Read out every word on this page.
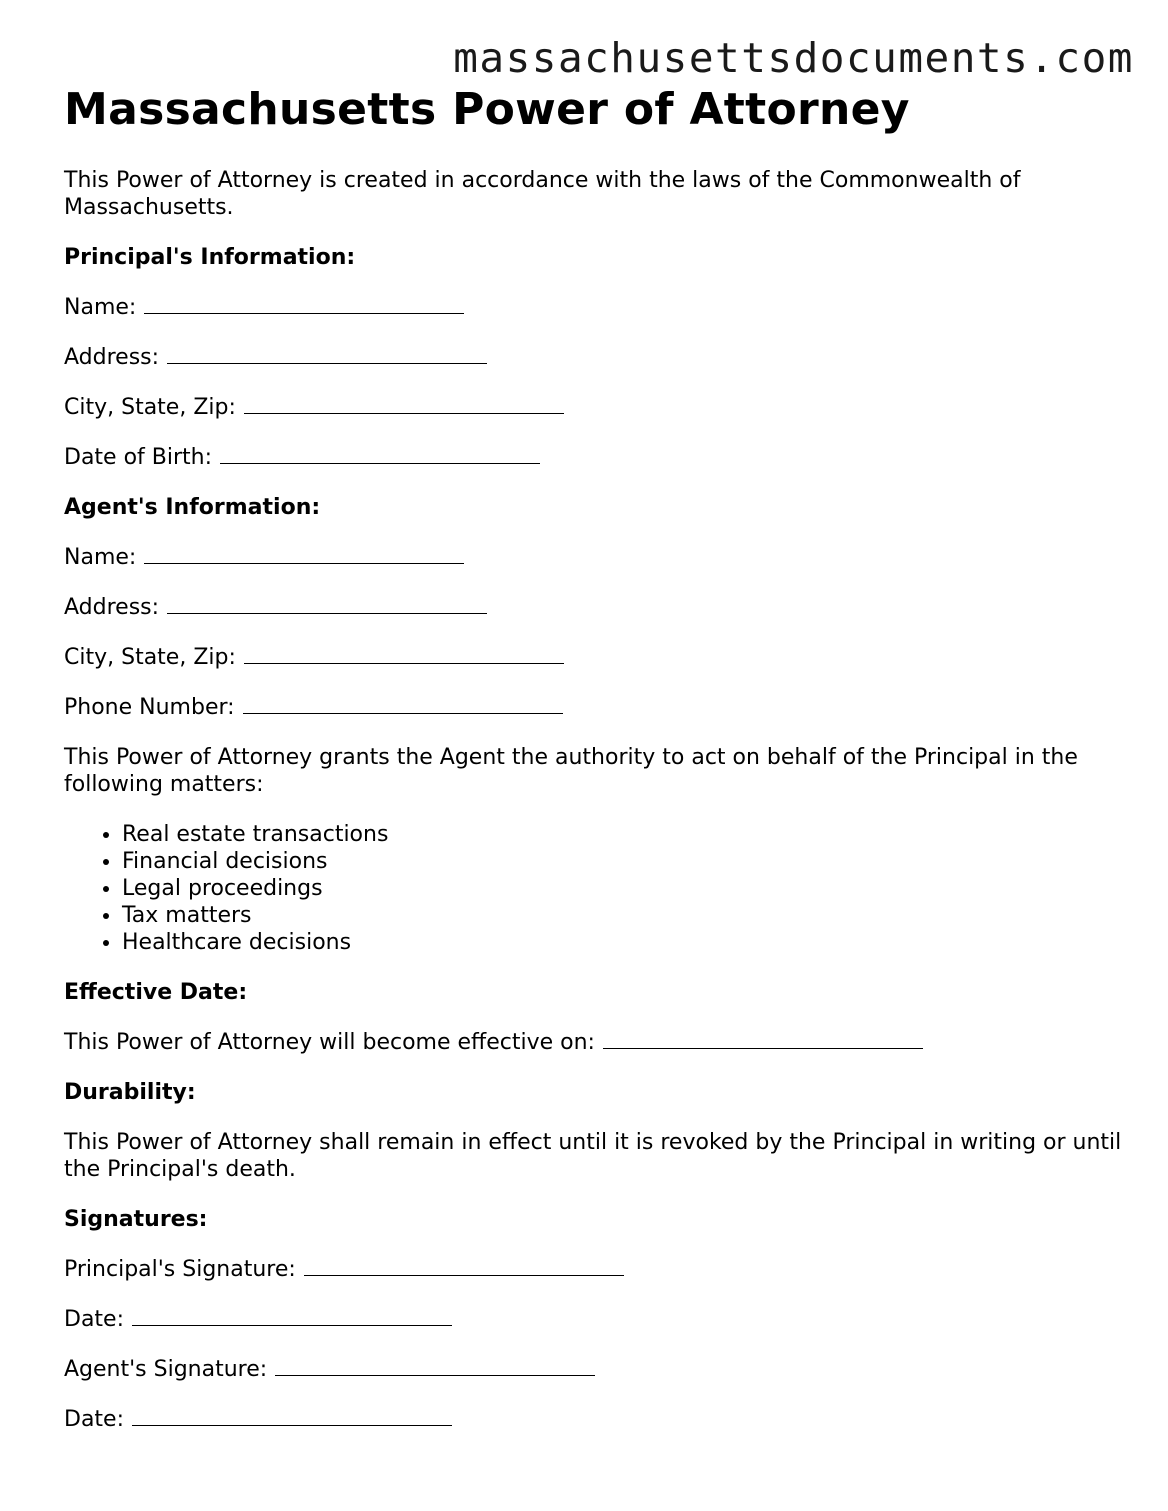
massachusettsdocuments.com
Massachusetts Power of Attorney

This Power of Attorney is created in accordance with the laws of the Commonwealth of Massachusetts.

Principal's Information:

Name:
Address:
City, State, Zip:
Date of Birth:

Agent's Information:

Name:
Address:
City, State, Zip:
Phone Number:

This Power of Attorney grants the Agent the authority to act on behalf of the Principal in the following matters:

• Real estate transactions
• Financial decisions
• Legal proceedings
• Tax matters
• Healthcare decisions

Effective Date:

This Power of Attorney will become effective on:

Durability:

This Power of Attorney shall remain in effect until it is revoked by the Principal in writing or until the Principal's death.

Signatures:

Principal's Signature:
Date:
Agent's Signature:
Date:
